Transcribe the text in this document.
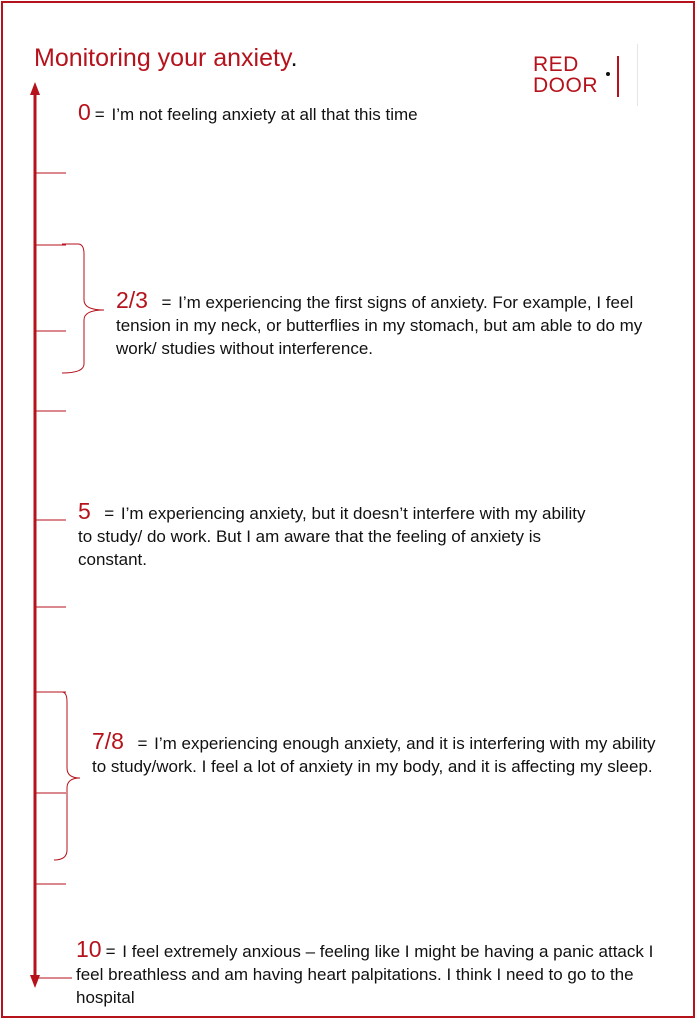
Monitoring your anxiety.	RED
DOOR
0 = I’m not feeling anxiety at all that this time
2/3 = I’m experiencing the first signs of anxiety. For example, I feel tension in my neck, or butterflies in my stomach, but am able to do my work/ studies without interference.
5 = I’m experiencing anxiety, but it doesn’t interfere with my ability to study/ do work. But I am aware that the feeling of anxiety is constant.
7/8 = I’m experiencing enough anxiety, and it is interfering with my ability to study/work. I feel a lot of anxiety in my body, and it is affecting my sleep.
10 = I feel extremely anxious – feeling like I might be having a panic attack I feel breathless and am having heart palpitations. I think I need to go to the hospital
